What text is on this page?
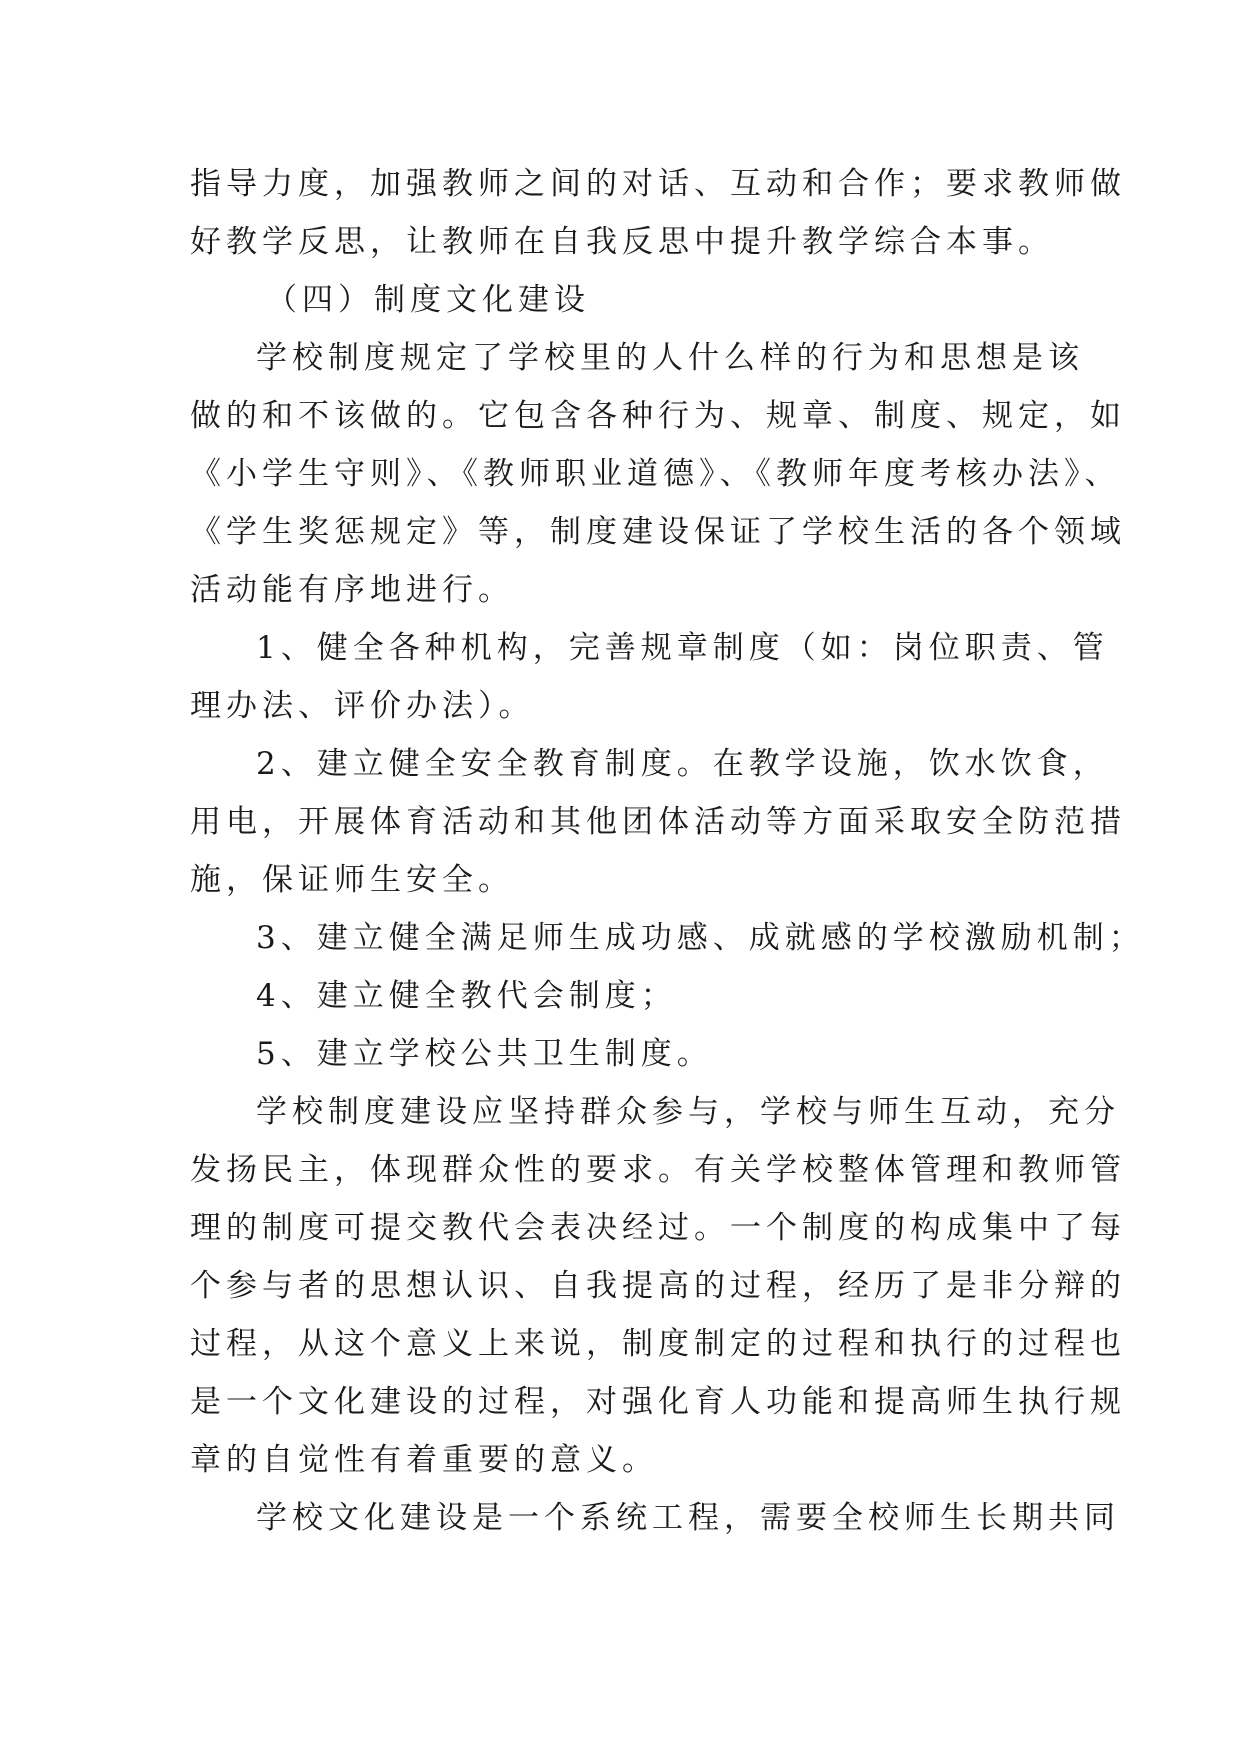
指导力度，加强教师之间的对话、互动和合作；要求教师做
好教学反思，让教师在自我反思中提升教学综合本事。
（四）制度文化建设
学校制度规定了学校里的人什么样的行为和思想是该
做的和不该做的。它包含各种行为、规章、制度、规定，如
《小学生守则》、《教师职业道德》、《教师年度考核办法》、
《学生奖惩规定》等，制度建设保证了学校生活的各个领域
活动能有序地进行。
1、健全各种机构，完善规章制度（如：岗位职责、管
理办法、评价办法）。
2、建立健全安全教育制度。在教学设施，饮水饮食，
用电，开展体育活动和其他团体活动等方面采取安全防范措
施，保证师生安全。
3、建立健全满足师生成功感、成就感的学校激励机制；
4、建立健全教代会制度；
5、建立学校公共卫生制度。
学校制度建设应坚持群众参与，学校与师生互动，充分
发扬民主，体现群众性的要求。有关学校整体管理和教师管
理的制度可提交教代会表决经过。一个制度的构成集中了每
个参与者的思想认识、自我提高的过程，经历了是非分辩的
过程，从这个意义上来说，制度制定的过程和执行的过程也
是一个文化建设的过程，对强化育人功能和提高师生执行规
章的自觉性有着重要的意义。
学校文化建设是一个系统工程，需要全校师生长期共同
